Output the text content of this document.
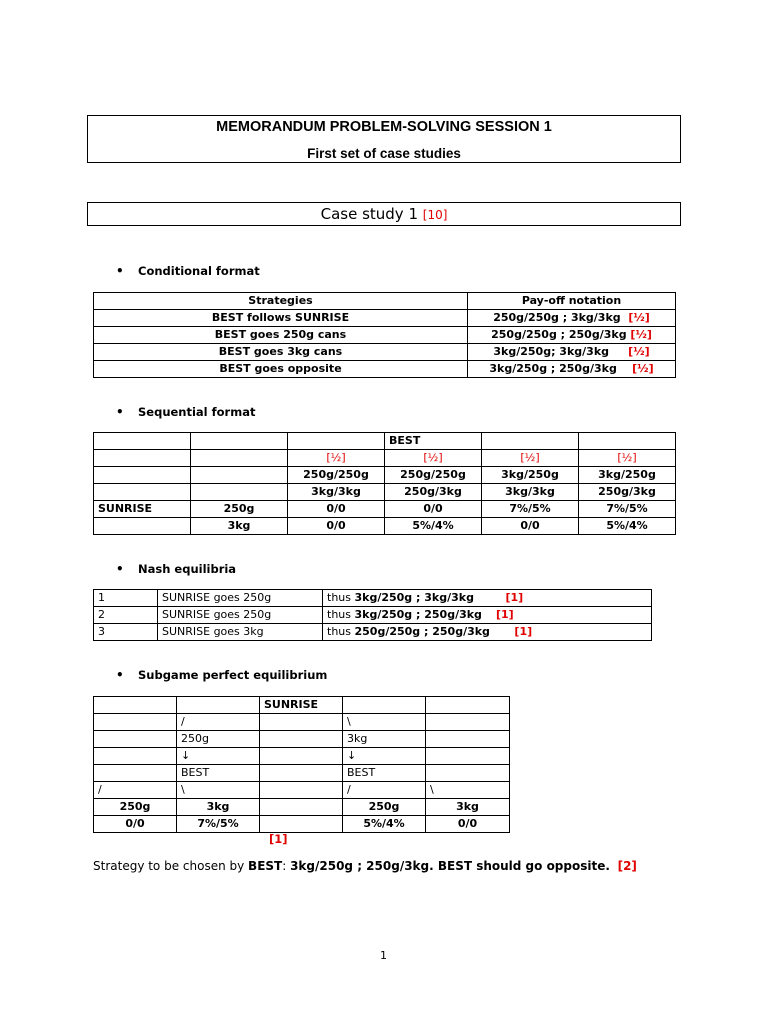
MEMORANDUM PROBLEM-SOLVING SESSION 1
First set of case studies
Case study 1 [10]
• Conditional format
Strategies	Pay-off notation
BEST follows SUNRISE	250g/250g ; 3kg/3kg [½]
BEST goes 250g cans	250g/250g ; 250g/3kg [½]
BEST goes 3kg cans	3kg/250g; 3kg/3kg [½]
BEST goes opposite	3kg/250g ; 250g/3kg [½]
• Sequential format
			BEST		
		[½]	[½]	[½]	[½]
		250g/250g	250g/250g	3kg/250g	3kg/250g
		3kg/3kg	250g/3kg	3kg/3kg	250g/3kg
SUNRISE	250g	0/0	0/0	7%/5%	7%/5%
	3kg	0/0	5%/4%	0/0	5%/4%
• Nash equilibria
1	SUNRISE goes 250g	thus 3kg/250g ; 3kg/3kg [1]
2	SUNRISE goes 250g	thus 3kg/250g ; 250g/3kg [1]
3	SUNRISE goes 3kg	thus 250g/250g ; 250g/3kg [1]
• Subgame perfect equilibrium
		SUNRISE		
	/		\	
	250g		3kg	
	↓		↓	
	BEST		BEST	
/	\		/	\
250g	3kg		250g	3kg
0/0	7%/5%		5%/4%	0/0
[1]
Strategy to be chosen by BEST: 3kg/250g ; 250g/3kg. BEST should go opposite. [2]
1
